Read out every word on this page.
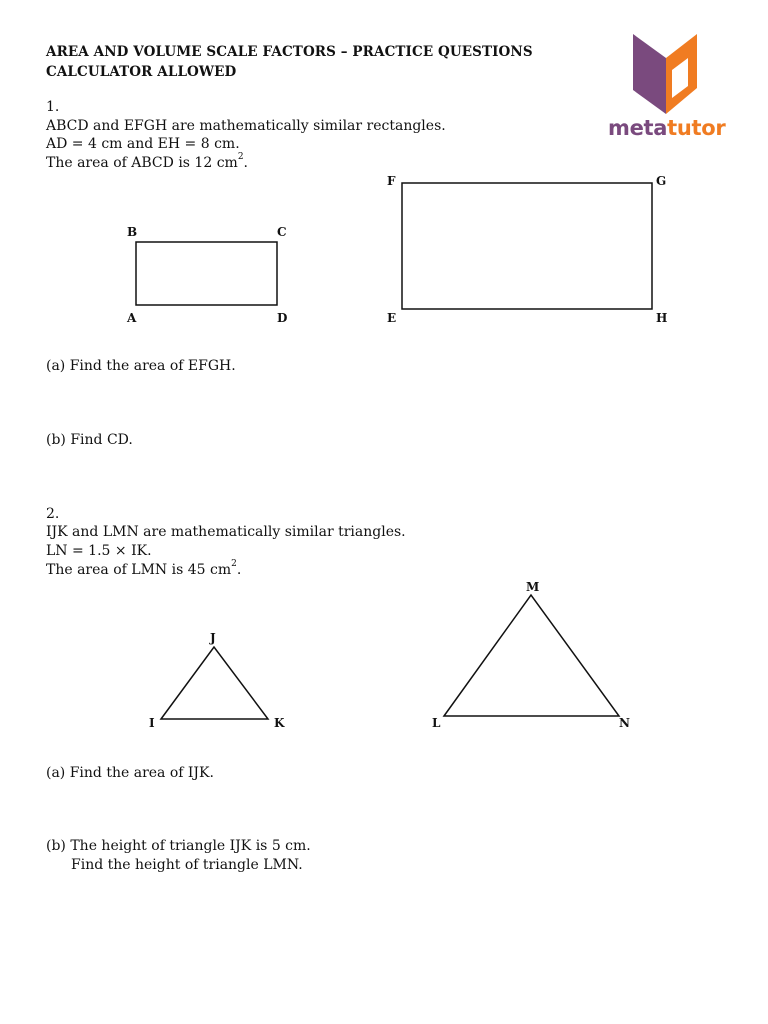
AREA AND VOLUME SCALE FACTORS – PRACTICE QUESTIONS
CALCULATOR ALLOWED
metatutor
1.
ABCD and EFGH are mathematically similar rectangles.
AD = 4 cm and EH = 8 cm.
The area of ABCD is 12 $cm^2$.
B	C
A	D
F	G
E	H
(a) Find the area of EFGH.
(b) Find CD.
2.
IJK and LMN are mathematically similar triangles.
LN = 1.5 × IK.
The area of LMN is 45 $cm^2$.
J
I	K
M
L	N
(a) Find the area of IJK.
(b) The height of triangle IJK is 5 cm.
Find the height of triangle LMN.
